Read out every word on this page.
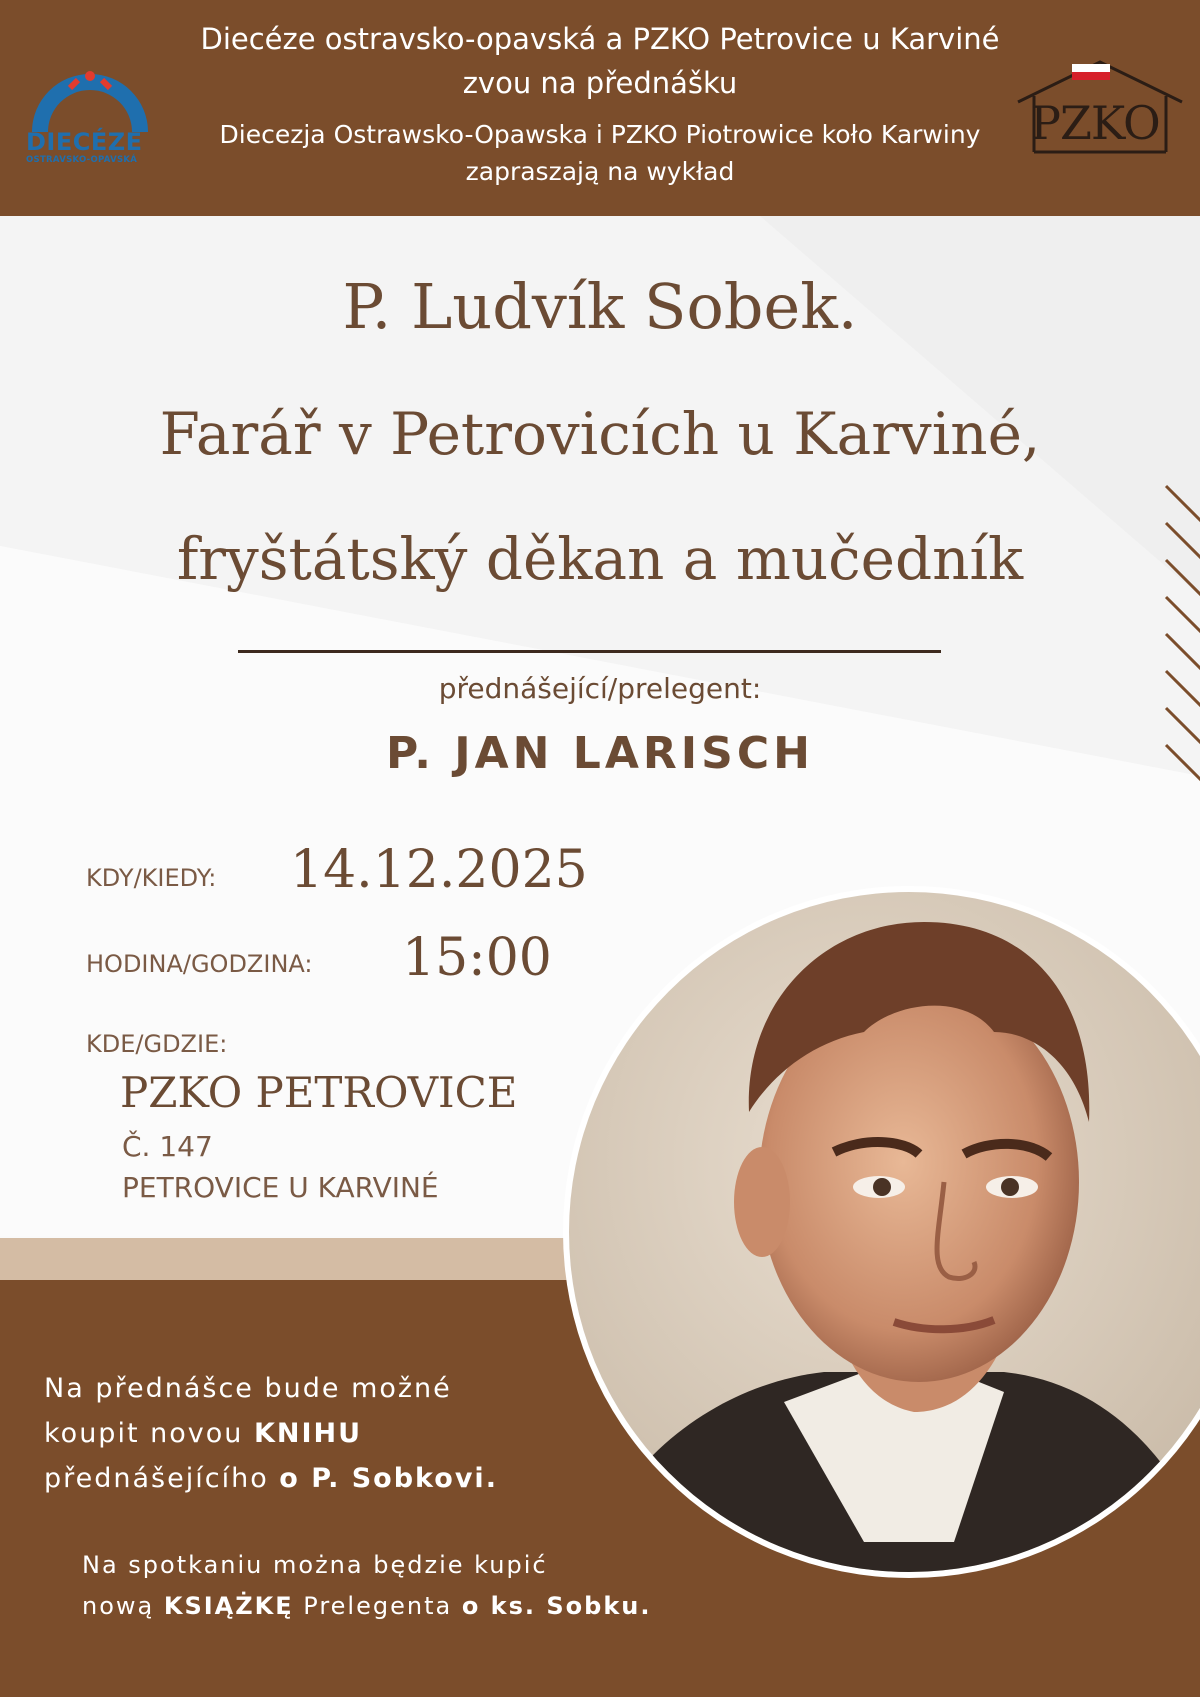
DIECÉZE
OSTRAVSKO-OPAVSKÁ
PZKO
Diecéze ostravsko-opavská a PZKO Petrovice u Karviné
zvou na přednášku
Diecezja Ostrawsko-Opawska i PZKO Piotrowice koło Karwiny
zapraszają na wykład
P. Ludvík Sobek.
Farář v Petrovicích u Karviné,
fryštátský děkan a mučedník
přednášející/prelegent:
P. JAN LARISCH
KDY/KIEDY: 14.12.2025
HODINA/GODZINA: 15:00
KDE/GDZIE:
PZKO PETROVICE
Č. 147
PETROVICE U KARVINÉ
Na přednášce bude možné
koupit novou KNIHU
přednášejícího o P. Sobkovi.
Na spotkaniu można będzie kupić
nową KSIĄŻKĘ Prelegenta o ks. Sobku.
